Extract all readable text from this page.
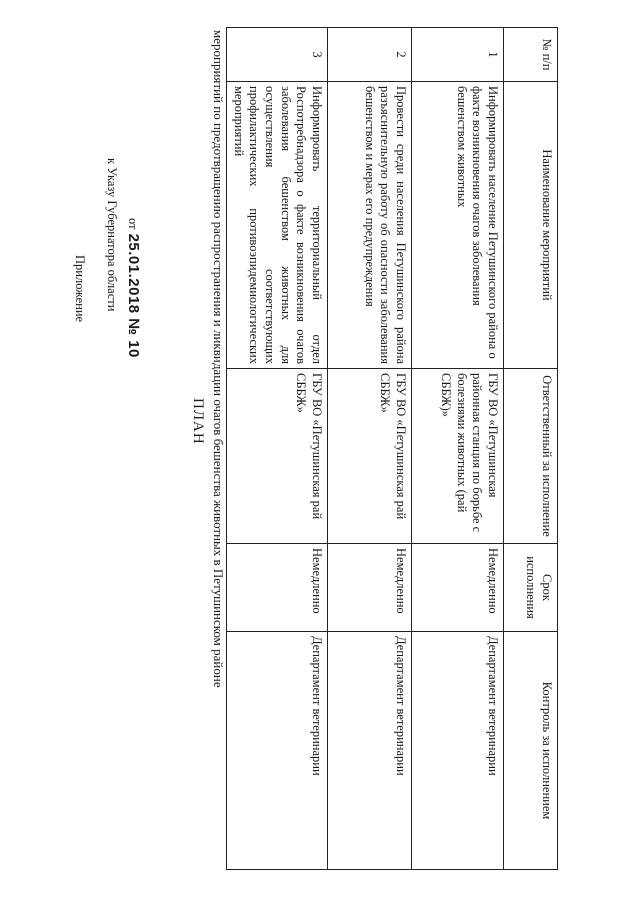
Приложение к Указу Губернатора области от 25.01.2018 № 10
ПЛАН мероприятий по предотвращению распространения и ликвидации очагов бешенства животных в Петушинском районе	№ п/п	Наименование мероприятий	Ответственный за исполнение	Срок исполнения	Контроль за исполнением
1	Информировать население Петушинского района о факте возникновения очагов заболевания бешенством животных	ГБУ ВО «Петушинская районная станция по борьбе с болезнями животных (рай СББЖ)»	Немедленно	Департамент ветеринарии
2	Провести среди населения Петушинского района разъяснительную работу об опасности заболевания бешенством и мерах его предупреждения	ГБУ ВО «Петушинская рай СББЖ»	Немедленно	Департамент ветеринарии
3	Информировать территориальный отдел Роспотребнадзора о факте возникновения очагов заболевания бешенством животных для осуществления соответствующих профилактических противоэпидемиологических мероприятий	ГБУ ВО «Петушинская рай СББЖ»	Немедленно	Департамент ветеринарии
